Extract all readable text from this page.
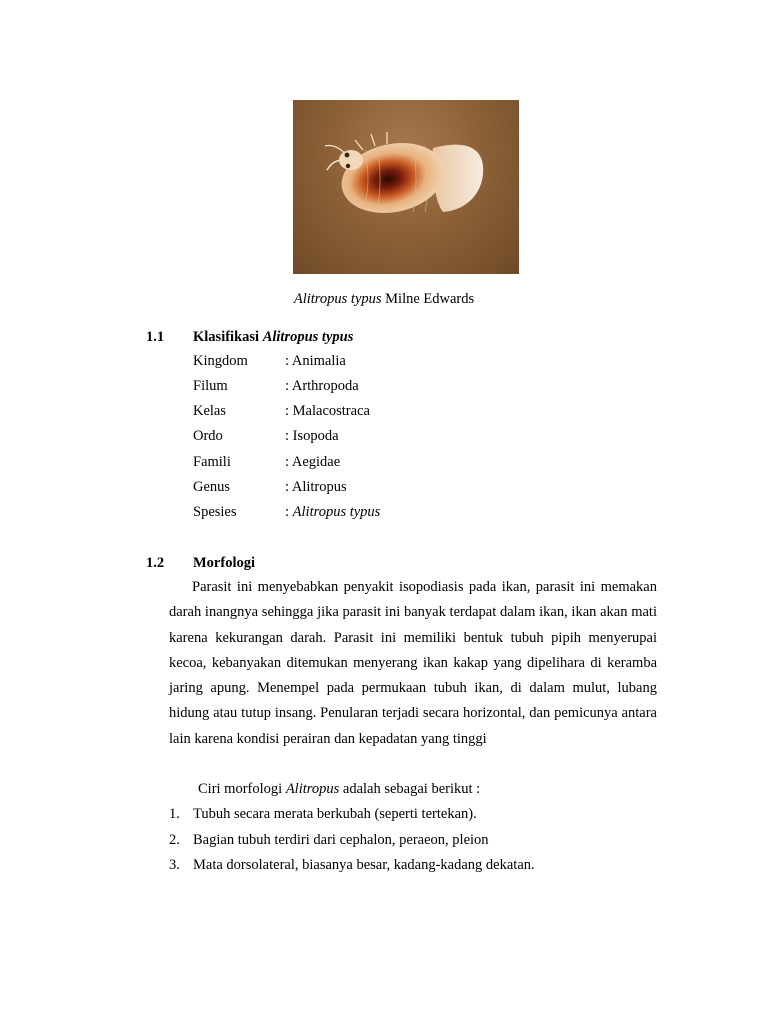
Alitropus typus Milne Edwards
1.1 Klasifikasi Alitropus typus
Kingdom	: Animalia
Filum	: Arthropoda
Kelas	: Malacostraca
Ordo	: Isopoda
Famili	: Aegidae
Genus	: Alitropus
Spesies	: Alitropus typus
1.2 Morfologi
Parasit ini menyebabkan penyakit isopodiasis pada ikan, parasit ini memakan darah inangnya sehingga jika parasit ini banyak terdapat dalam ikan, ikan akan mati karena kekurangan darah. Parasit ini memiliki bentuk tubuh pipih menyerupai kecoa, kebanyakan ditemukan menyerang ikan kakap yang dipelihara di keramba jaring apung. Menempel pada permukaan tubuh ikan, di dalam mulut, lubang hidung atau tutup insang. Penularan terjadi secara horizontal, dan pemicunya antara lain karena kondisi perairan dan kepadatan yang tinggi
Ciri morfologi Alitropus adalah sebagai berikut :
1. Tubuh secara merata berkubah (seperti tertekan).
2. Bagian tubuh terdiri dari cephalon, peraeon, pleion
3. Mata dorsolateral, biasanya besar, kadang-kadang dekatan.
